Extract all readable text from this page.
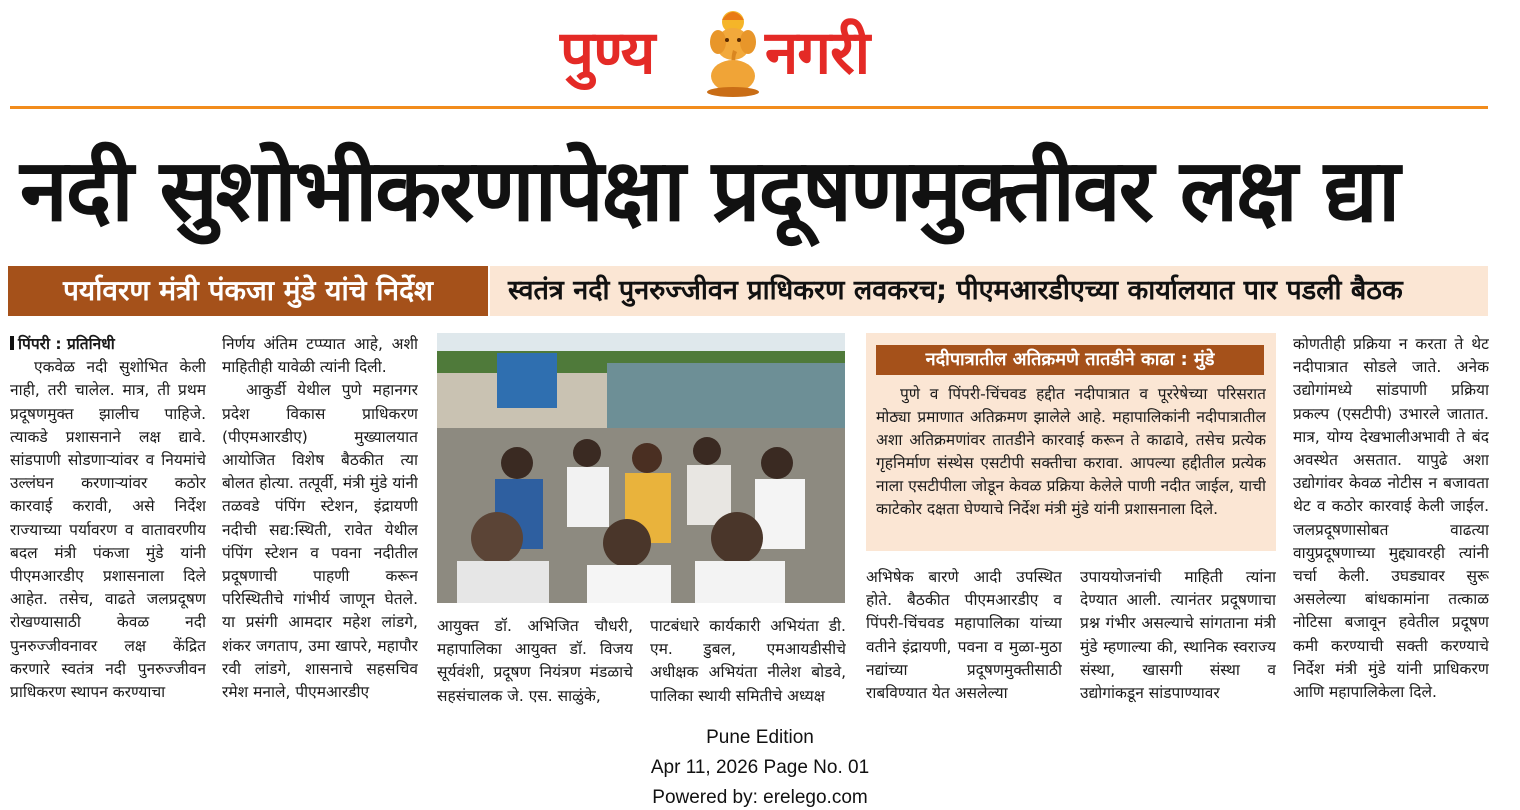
पुण्य नगरी
नदी सुशोभीकरणापेक्षा प्रदूषणमुक्तीवर लक्ष द्या
पर्यावरण मंत्री पंकजा मुंडे यांचे निर्देश	स्वतंत्र नदी पुनरुज्जीवन प्राधिकरण लवकरच; पीएमआरडीएच्या कार्यालयात पार पडली बैठक
पिंपरी : प्रतिनिधी

एकवेळ नदी सुशोभित केली नाही, तरी चालेल. मात्र, ती प्रथम प्रदूषणमुक्त झालीच पाहिजे. त्याकडे प्रशासनाने लक्ष द्यावे. सांडपाणी सोडणाऱ्यांवर व नियमांचे उल्लंघन करणाऱ्यांवर कठोर कारवाई करावी, असे निर्देश राज्याच्या पर्यावरण व वातावरणीय बदल मंत्री पंकजा मुंडे यांनी पीएमआरडीए प्रशासनाला दिले आहेत. तसेच, वाढते जलप्रदूषण रोखण्यासाठी केवळ नदी पुनरुज्जीवनावर लक्ष केंद्रित करणारे स्वतंत्र नदी पुनरुज्जीवन प्राधिकरण स्थापन करण्याचा

निर्णय अंतिम टप्प्यात आहे, अशी माहितीही यावेळी त्यांनी दिली.

आकुर्डी येथील पुणे महानगर प्रदेश विकास प्राधिकरण (पीएमआरडीए) मुख्यालयात आयोजित विशेष बैठकीत त्या बोलत होत्या. तत्पूर्वी, मंत्री मुंडे यांनी तळवडे पंपिंग स्टेशन, इंद्रायणी नदीची सद्य:स्थिती, रावेत येथील पंपिंग स्टेशन व पवना नदीतील प्रदूषणाची पाहणी करून परिस्थितीचे गांभीर्य जाणून घेतले. या प्रसंगी आमदार महेश लांडगे, शंकर जगताप, उमा खापरे, महापौर रवी लांडगे, शासनाचे सहसचिव रमेश मनाले, पीएमआरडीए

आयुक्त डॉ. अभिजित चौधरी, महापालिका आयुक्त डॉ. विजय सूर्यवंशी, प्रदूषण नियंत्रण मंडळाचे सहसंचालक जे. एस. साळुंके,

पाटबंधारे कार्यकारी अभियंता डी. एम. डुबल, एमआयडीसीचे अधीक्षक अभियंता नीलेश बोडवे, पालिका स्थायी समितीचे अध्यक्ष

नदीपात्रातील अतिक्रमणे तातडीने काढा : मुंडे
पुणे व पिंपरी-चिंचवड हद्दीत नदीपात्रात व पूररेषेच्या परिसरात मोठ्या प्रमाणात अतिक्रमण झालेले आहे. महापालिकांनी नदीपात्रातील अशा अतिक्रमणांवर तातडीने कारवाई करून ते काढावे, तसेच प्रत्येक गृहनिर्माण संस्थेस एसटीपी सक्तीचा करावा. आपल्या हद्दीतील प्रत्येक नाला एसटीपीला जोडून केवळ प्रक्रिया केलेले पाणी नदीत जाईल, याची काटेकोर दक्षता घेण्याचे निर्देश मंत्री मुंडे यांनी प्रशासनाला दिले.

अभिषेक बारणे आदी उपस्थित होते. बैठकीत पीएमआरडीए व पिंपरी-चिंचवड महापालिका यांच्या वतीने इंद्रायणी, पवना व मुळा-मुठा नद्यांच्या प्रदूषणमुक्तीसाठी राबविण्यात येत असलेल्या

उपाययोजनांची माहिती त्यांना देण्यात आली. त्यानंतर प्रदूषणाचा प्रश्न गंभीर असल्याचे सांगताना मंत्री मुंडे म्हणाल्या की, स्थानिक स्वराज्य संस्था, खासगी संस्था व उद्योगांकडून सांडपाण्यावर

कोणतीही प्रक्रिया न करता ते थेट नदीपात्रात सोडले जाते. अनेक उद्योगांमध्ये सांडपाणी प्रक्रिया प्रकल्प (एसटीपी) उभारले जातात. मात्र, योग्य देखभालीअभावी ते बंद अवस्थेत असतात. यापुढे अशा उद्योगांवर केवळ नोटीस न बजावता थेट व कठोर कारवाई केली जाईल. जलप्रदूषणासोबत वाढत्या वायुप्रदूषणाच्या मुद्द्यावरही त्यांनी चर्चा केली. उघड्यावर सुरू असलेल्या बांधकामांना तत्काळ नोटिसा बजावून हवेतील प्रदूषण कमी करण्याची सक्ती करण्याचे निर्देश मंत्री मुंडे यांनी प्राधिकरण आणि महापालिकेला दिले.

Pune Edition
Apr 11, 2026 Page No. 01
Powered by: erelego.com
